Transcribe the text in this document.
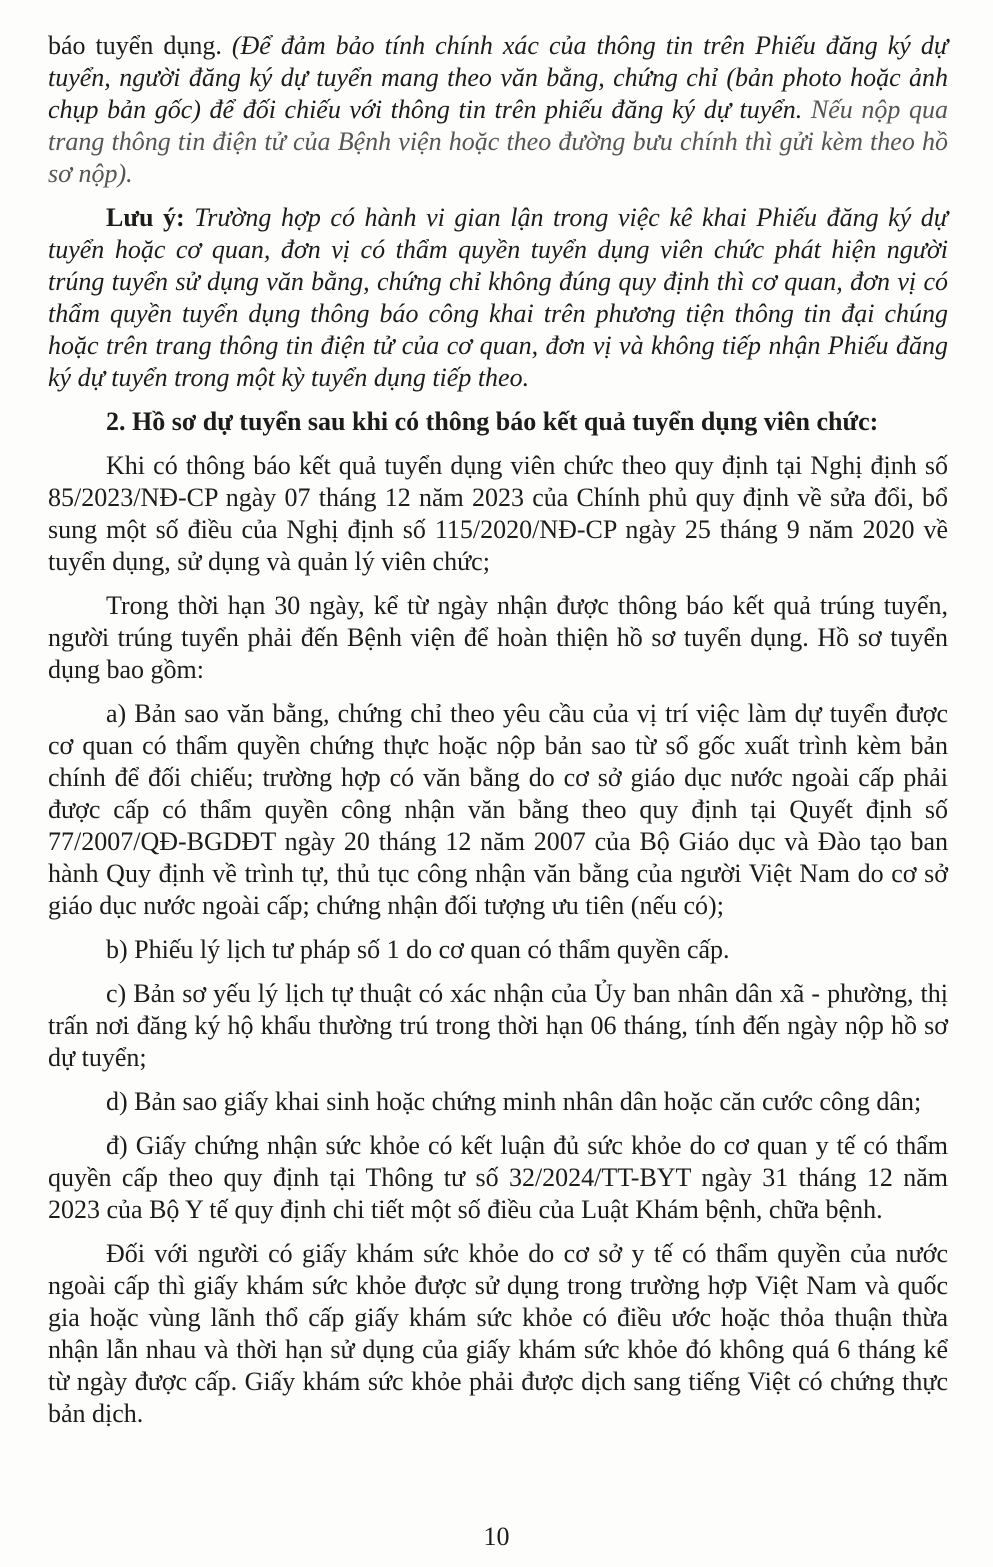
báo tuyển dụng. (Để đảm bảo tính chính xác của thông tin trên Phiếu đăng ký dự tuyển, người đăng ký dự tuyển mang theo văn bằng, chứng chỉ (bản photo hoặc ảnh chụp bản gốc) để đối chiếu với thông tin trên phiếu đăng ký dự tuyển. Nếu nộp qua trang thông tin điện tử của Bệnh viện hoặc theo đường bưu chính thì gửi kèm theo hồ sơ nộp).

Lưu ý: Trường hợp có hành vi gian lận trong việc kê khai Phiếu đăng ký dự tuyển hoặc cơ quan, đơn vị có thẩm quyền tuyển dụng viên chức phát hiện người trúng tuyển sử dụng văn bằng, chứng chỉ không đúng quy định thì cơ quan, đơn vị có thẩm quyền tuyển dụng thông báo công khai trên phương tiện thông tin đại chúng hoặc trên trang thông tin điện tử của cơ quan, đơn vị và không tiếp nhận Phiếu đăng ký dự tuyển trong một kỳ tuyển dụng tiếp theo.

2. Hồ sơ dự tuyển sau khi có thông báo kết quả tuyển dụng viên chức:

Khi có thông báo kết quả tuyển dụng viên chức theo quy định tại Nghị định số 85/2023/NĐ-CP ngày 07 tháng 12 năm 2023 của Chính phủ quy định về sửa đổi, bổ sung một số điều của Nghị định số 115/2020/NĐ-CP ngày 25 tháng 9 năm 2020 về tuyển dụng, sử dụng và quản lý viên chức;

Trong thời hạn 30 ngày, kể từ ngày nhận được thông báo kết quả trúng tuyển, người trúng tuyển phải đến Bệnh viện để hoàn thiện hồ sơ tuyển dụng. Hồ sơ tuyển dụng bao gồm:

a) Bản sao văn bằng, chứng chỉ theo yêu cầu của vị trí việc làm dự tuyển được cơ quan có thẩm quyền chứng thực hoặc nộp bản sao từ sổ gốc xuất trình kèm bản chính để đối chiếu; trường hợp có văn bằng do cơ sở giáo dục nước ngoài cấp phải được cấp có thẩm quyền công nhận văn bằng theo quy định tại Quyết định số 77/2007/QĐ-BGDĐT ngày 20 tháng 12 năm 2007 của Bộ Giáo dục và Đào tạo ban hành Quy định về trình tự, thủ tục công nhận văn bằng của người Việt Nam do cơ sở giáo dục nước ngoài cấp; chứng nhận đối tượng ưu tiên (nếu có);

b) Phiếu lý lịch tư pháp số 1 do cơ quan có thẩm quyền cấp.

c) Bản sơ yếu lý lịch tự thuật có xác nhận của Ủy ban nhân dân xã - phường, thị trấn nơi đăng ký hộ khẩu thường trú trong thời hạn 06 tháng, tính đến ngày nộp hồ sơ dự tuyển;

d) Bản sao giấy khai sinh hoặc chứng minh nhân dân hoặc căn cước công dân;

đ) Giấy chứng nhận sức khỏe có kết luận đủ sức khỏe do cơ quan y tế có thẩm quyền cấp theo quy định tại Thông tư số 32/2024/TT-BYT ngày 31 tháng 12 năm 2023 của Bộ Y tế quy định chi tiết một số điều của Luật Khám bệnh, chữa bệnh.

Đối với người có giấy khám sức khỏe do cơ sở y tế có thẩm quyền của nước ngoài cấp thì giấy khám sức khỏe được sử dụng trong trường hợp Việt Nam và quốc gia hoặc vùng lãnh thổ cấp giấy khám sức khỏe có điều ước hoặc thỏa thuận thừa nhận lẫn nhau và thời hạn sử dụng của giấy khám sức khỏe đó không quá 6 tháng kể từ ngày được cấp. Giấy khám sức khỏe phải được dịch sang tiếng Việt có chứng thực bản dịch.

10
